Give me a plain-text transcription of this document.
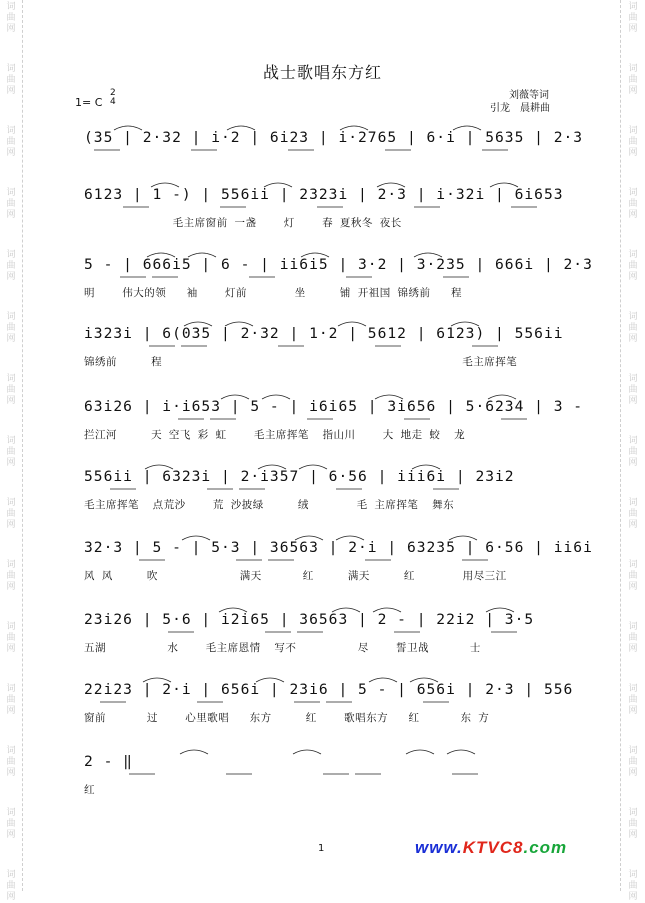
词
曲
网
词
曲
网
词
曲
网
词
曲
网
词
曲
网
词
曲
网
词
曲
网
词
曲
网
词
曲
网
词
曲
网
词
曲
网
词
曲
网
词
曲
网
词
曲
网
词
曲
网
词
曲
网
词
曲
网
词
曲
网
词
曲
网
词
曲
网
词
曲
网
词
曲
网
词
曲
网
词
曲
网
词
曲
网
词
曲
网
词
曲
网
词
曲
网
词
曲
网
词
曲
网
战士歌唱东方红
刘薇等词
引龙　晨耕曲
1= C
2
4
(35 | 2·32 | i·2 | 6i23 | i·2765 | 6·i | 5635 | 2·3
6123 | 1 -) | 556ii | 2323i | 2·3 | i·32i | 6i653
毛主席窗前 一盏    灯    春 夏秋冬 夜长
5 - | 666i5 | 6 - | ii6i5 | 3·2 | 3·235 | 666i | 2·3
明    伟大的领   袖    灯前       坐     铺 开祖国 锦绣前   程
i323i | 6(035 | 2·32 | 1·2 | 5612 | 6123) | 556ii
锦绣前     程                                            毛主席挥笔
63i26 | i·i653 | 5 - | i6i65 | 3i656 | 5·6234 | 3 -
拦江河     天 空飞 彩 虹    毛主席挥笔  指山川    大 地走 蛟  龙
556ii | 6323i | 2·i357 | 6·56 | iii6i | 23i2
毛主席挥笔  点荒沙    荒 沙披绿     绒       毛 主席挥笔  舞东
32·3 | 5 - | 5·3 | 36563 | 2·i | 63235 | 6·56 | ii6i
风 风     吹            满天      红     满天     红       用尽三江
23i26 | 5·6 | i2i65 | 36563 | 2 - | 22i2 | 3·5
五湖         水    毛主席恩情  写不         尽    誓卫战      士
22i23 | 2·i | 656i | 23i6 | 5 - | 656i | 2·3 | 556
窗前      过    心里歌唱   东方     红    歌唱东方   红      东 方
2 - ‖
红
1	www.KTVC8.com
